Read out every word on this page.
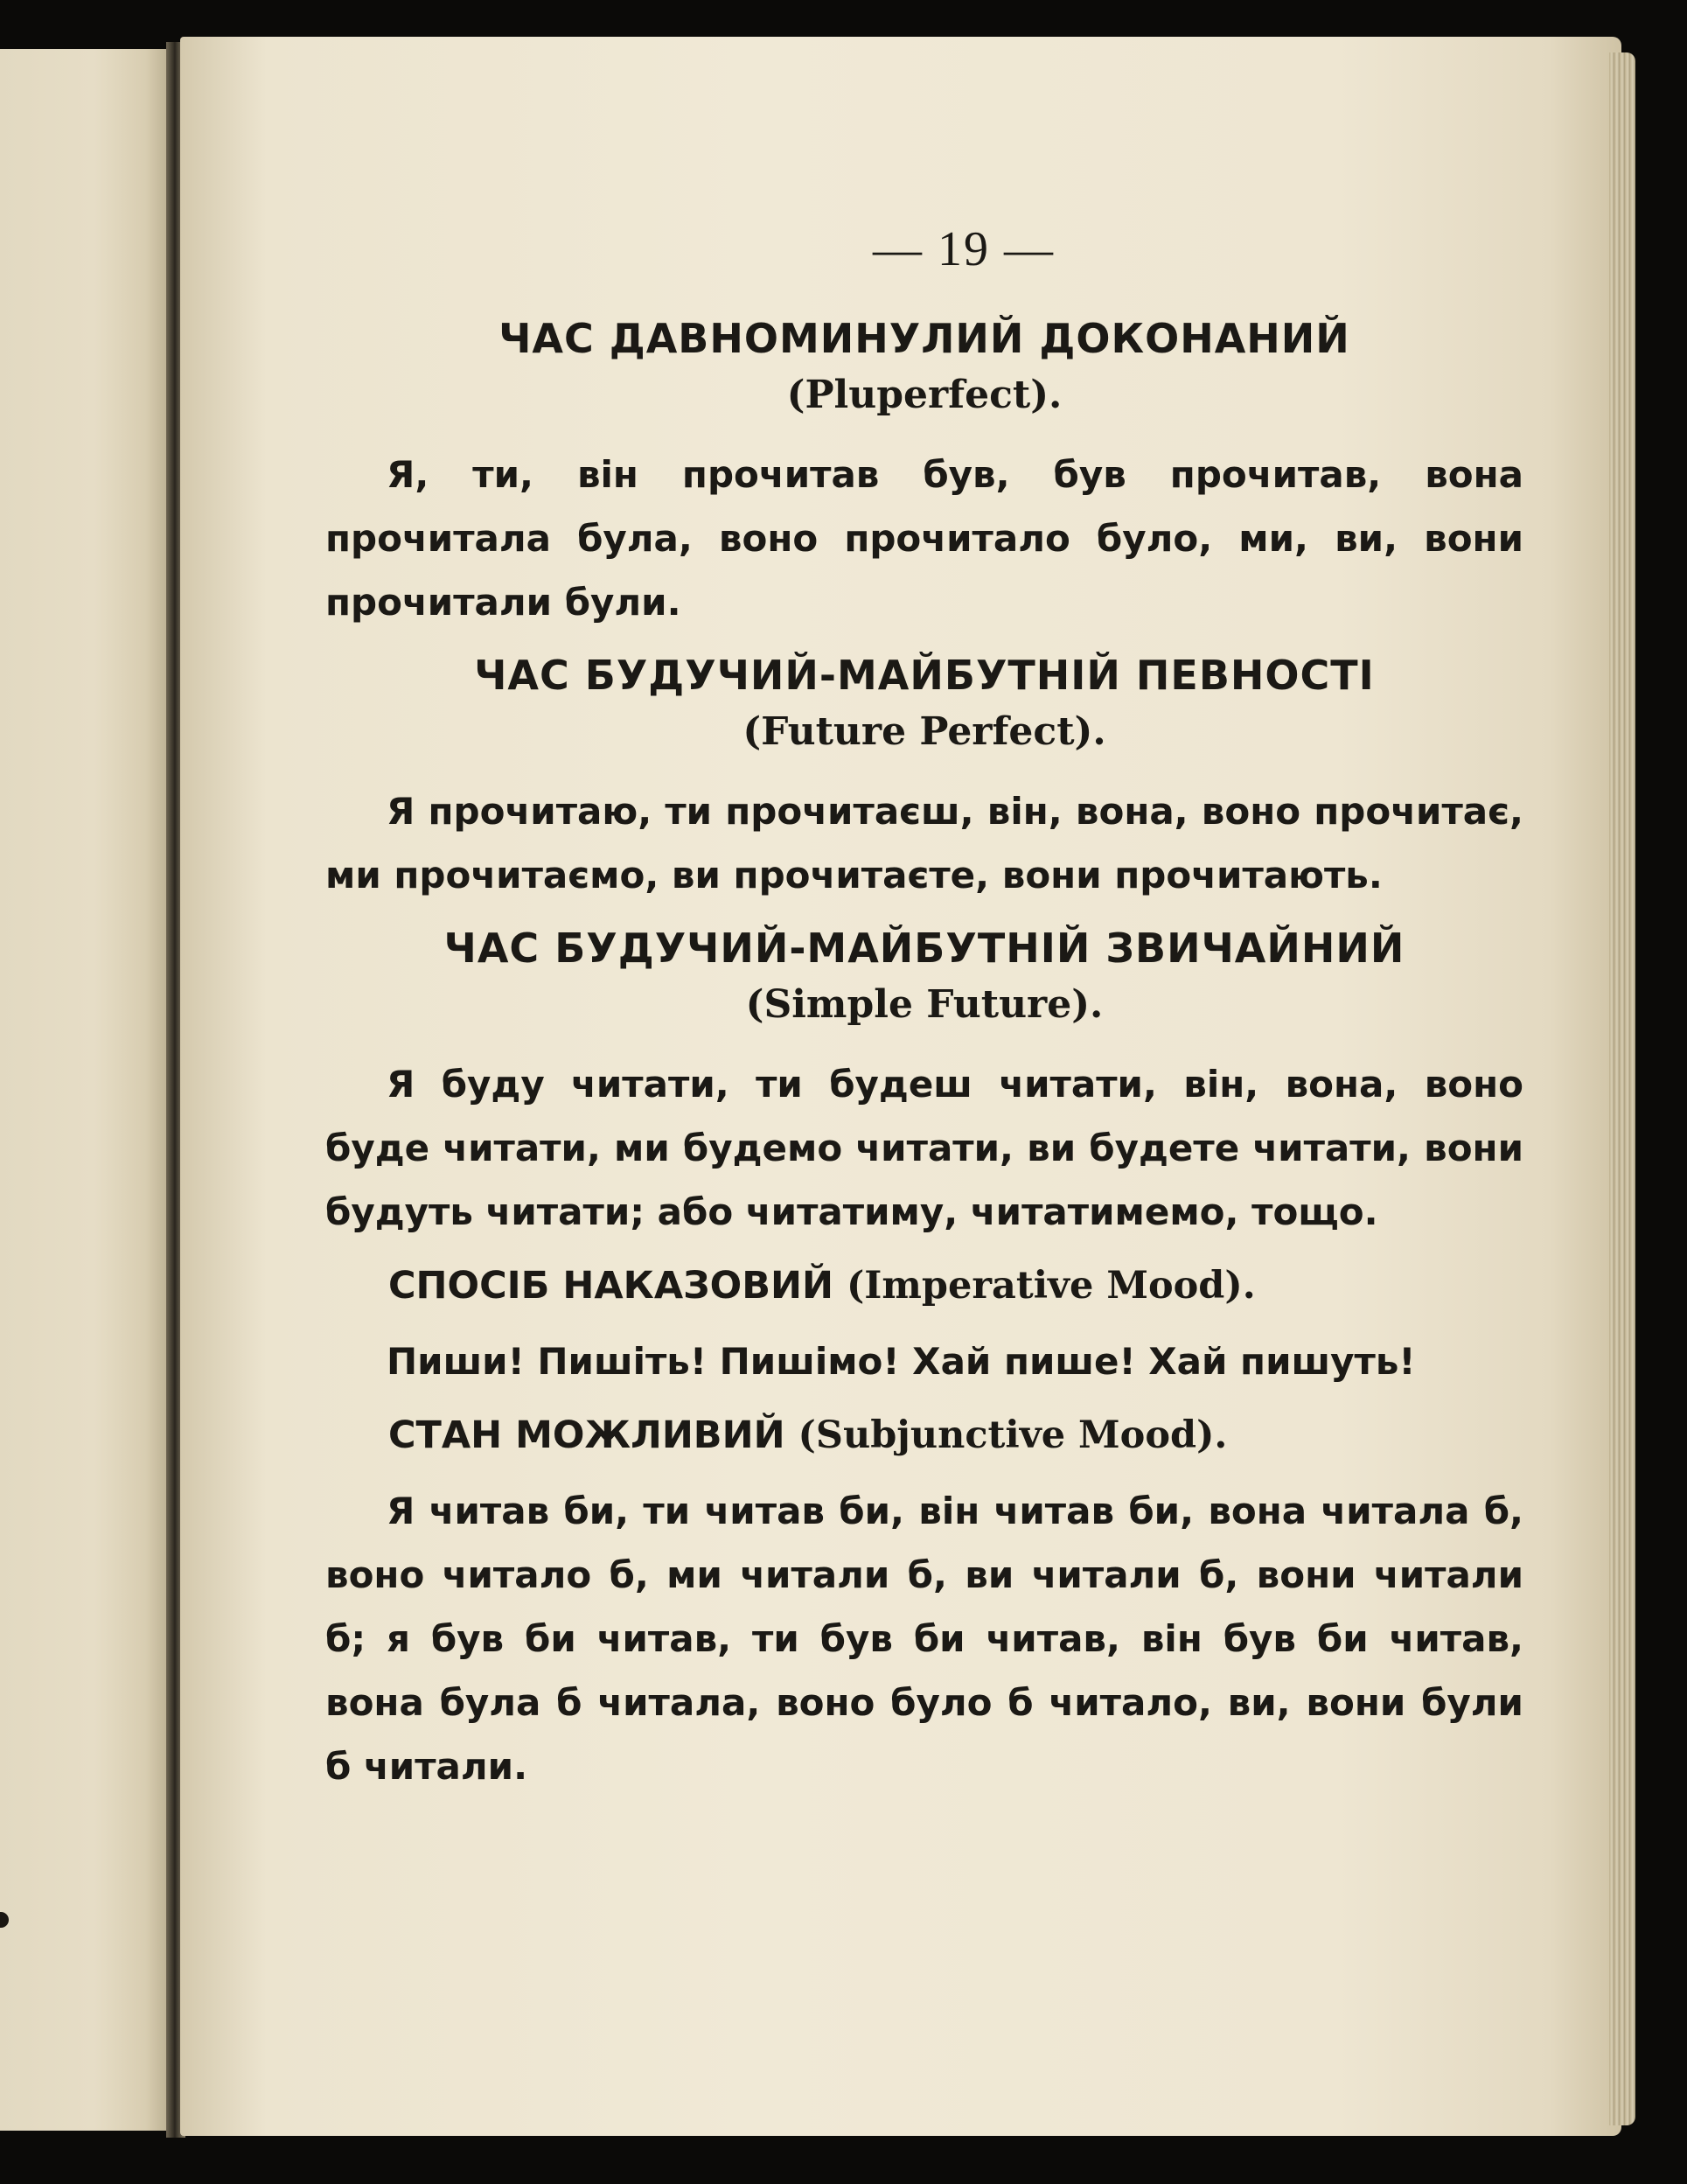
— 19 —
ЧАС ДАВНОМИНУЛИЙ ДОКОНАНИЙ
(Pluperfect).
Я, ти, він прочитав був, був прочитав, вона прочитала була, воно прочитало було, ми, ви, вони прочитали були.
ЧАС БУДУЧИЙ-МАЙБУТНІЙ ПЕВНОСТІ
(Future Perfect).
Я прочитаю, ти прочитаєш, він, вона, воно прочитає, ми прочитаємо, ви прочитаєте, вони прочитають.
ЧАС БУДУЧИЙ-МАЙБУТНІЙ ЗВИЧАЙНИЙ
(Simple Future).
Я буду читати, ти будеш читати, він, вона, воно буде читати, ми будемо читати, ви будете читати, вони будуть читати; або читатиму, читатимемо, тощо.
СПОСІБ НАКАЗОВИЙ (Imperative Mood).
Пиши! Пишіть! Пишімо! Хай пише! Хай пишуть!
СТАН МОЖЛИВИЙ (Subjunctive Mood).
Я читав би, ти читав би, він читав би, вона читала б, воно читало б, ми читали б, ви читали б, вони читали б; я був би читав, ти був би читав, він був би читав, вона була б читала, воно було б читало, ви, вони були б читали.
